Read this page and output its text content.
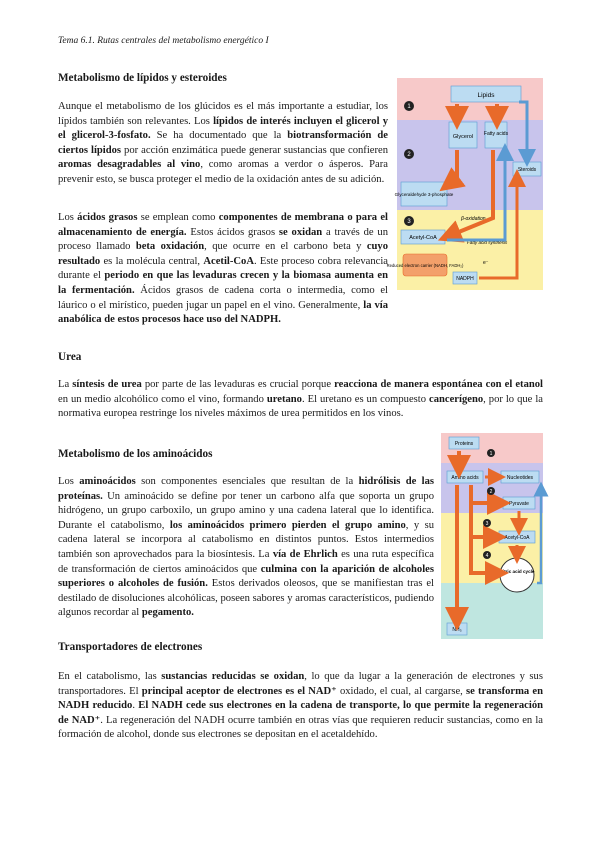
Tema 6.1. Rutas centrales del metabolismo energético I
Metabolismo de lípidos y esteroides
Aunque el metabolismo de los glúcidos es el más importante a estudiar, los lípidos también son relevantes. Los lípidos de interés incluyen el glicerol y el glicerol-3-fosfato. Se ha documentado que la biotransformación de ciertos lípidos por acción enzimática puede generar sustancias que confieren aromas desagradables al vino, como aromas a verdor o ásperos. Para prevenir esto, se busca proteger el medio de la oxidación antes de su adición.
Los ácidos grasos se emplean como componentes de membrana o para el almacenamiento de energía. Estos ácidos grasos se oxidan a través de un proceso llamado beta oxidación, que ocurre en el carbono beta y cuyo resultado es la molécula central, Acetil-CoA. Este proceso cobra relevancia durante el periodo en que las levaduras crecen y la biomasa aumenta en la fermentación. Ácidos grasos de cadena corta o intermedia, como el láurico o el mirístico, pueden jugar un papel en el vino. Generalmente, la vía anabólica de estos procesos hace uso del NADPH.
Urea
La síntesis de urea por parte de las levaduras es crucial porque reacciona de manera espontánea con el etanol en un medio alcohólico como el vino, formando uretano. El uretano es un compuesto cancerígeno, por lo que la normativa europea restringe los niveles máximos de urea permitidos en los vinos.
Metabolismo de los aminoácidos
Los aminoácidos son componentes esenciales que resultan de la hidrólisis de las proteínas. Un aminoácido se define por tener un carbono alfa que soporta un grupo hidrógeno, un grupo carboxilo, un grupo amino y una cadena lateral que lo identifica. Durante el catabolismo, los aminoácidos primero pierden el grupo amino, y su cadena lateral se incorpora al catabolismo en distintos puntos. Estos intermedios también son aprovechados para la biosíntesis. La vía de Ehrlich es una ruta específica de transformación de ciertos aminoácidos que culmina con la aparición de alcoholes superiores o alcoholes de fusión. Estos derivados oleosos, que se manifiestan tras el destilado de disoluciones alcohólicas, poseen sabores y aromas característicos, pudiendo algunos recordar al pegamento.
Transportadores de electrones
En el catabolismo, las sustancias reducidas se oxidan, lo que da lugar a la generación de electrones y sus transportadores. El principal aceptor de electrones es el NAD⁺ oxidado, el cual, al cargarse, se transforma en NADH reducido. El NADH cede sus electrones en la cadena de transporte, lo que permite la regeneración de NAD⁺. La regeneración del NADH ocurre también en otras vías que requieren reducir sustancias, como en la formación de alcohol, donde sus electrones se depositan en el acetaldehído.
Lipids
Glycerol Fatty acids
Steroids
Glyceraldehyde 3-phosphate
Acetyl-CoA
Reduced electron carrier (NADH, FADH₂)
NADPH
β-oxidation
Fatty acid synthesis
e⁻
1
2
3
Proteins
Amino acids	Nucleotides
Pyruvate
Acetyl-CoA
Citric acid cycle
NH₃
1
2
3
4
